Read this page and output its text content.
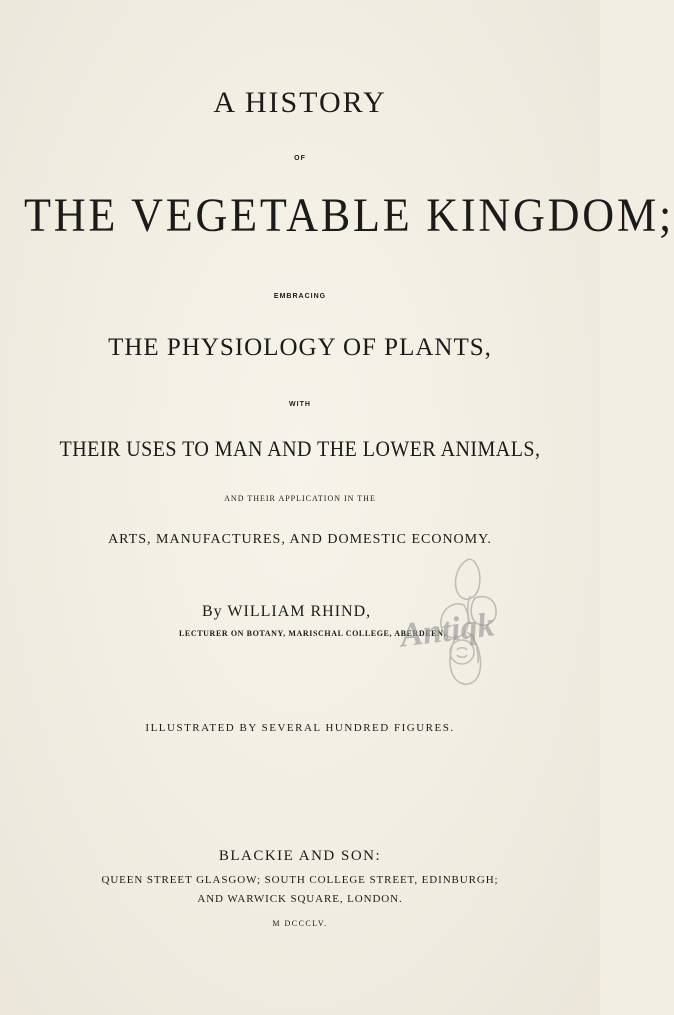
A HISTORY
OF
THE VEGETABLE KINGDOM;
EMBRACING
THE PHYSIOLOGY OF PLANTS,
WITH
THEIR USES TO MAN AND THE LOWER ANIMALS,
AND THEIR APPLICATION IN THE
ARTS, MANUFACTURES, AND DOMESTIC ECONOMY.
By WILLIAM RHIND,
LECTURER ON BOTANY, MARISCHAL COLLEGE, ABERDEEN.
ILLUSTRATED BY SEVERAL HUNDRED FIGURES.
BLACKIE AND SON:
QUEEN STREET GLASGOW; SOUTH COLLEGE STREET, EDINBURGH;
AND WARWICK SQUARE, LONDON.
M DCCCLV.
Antiqk
